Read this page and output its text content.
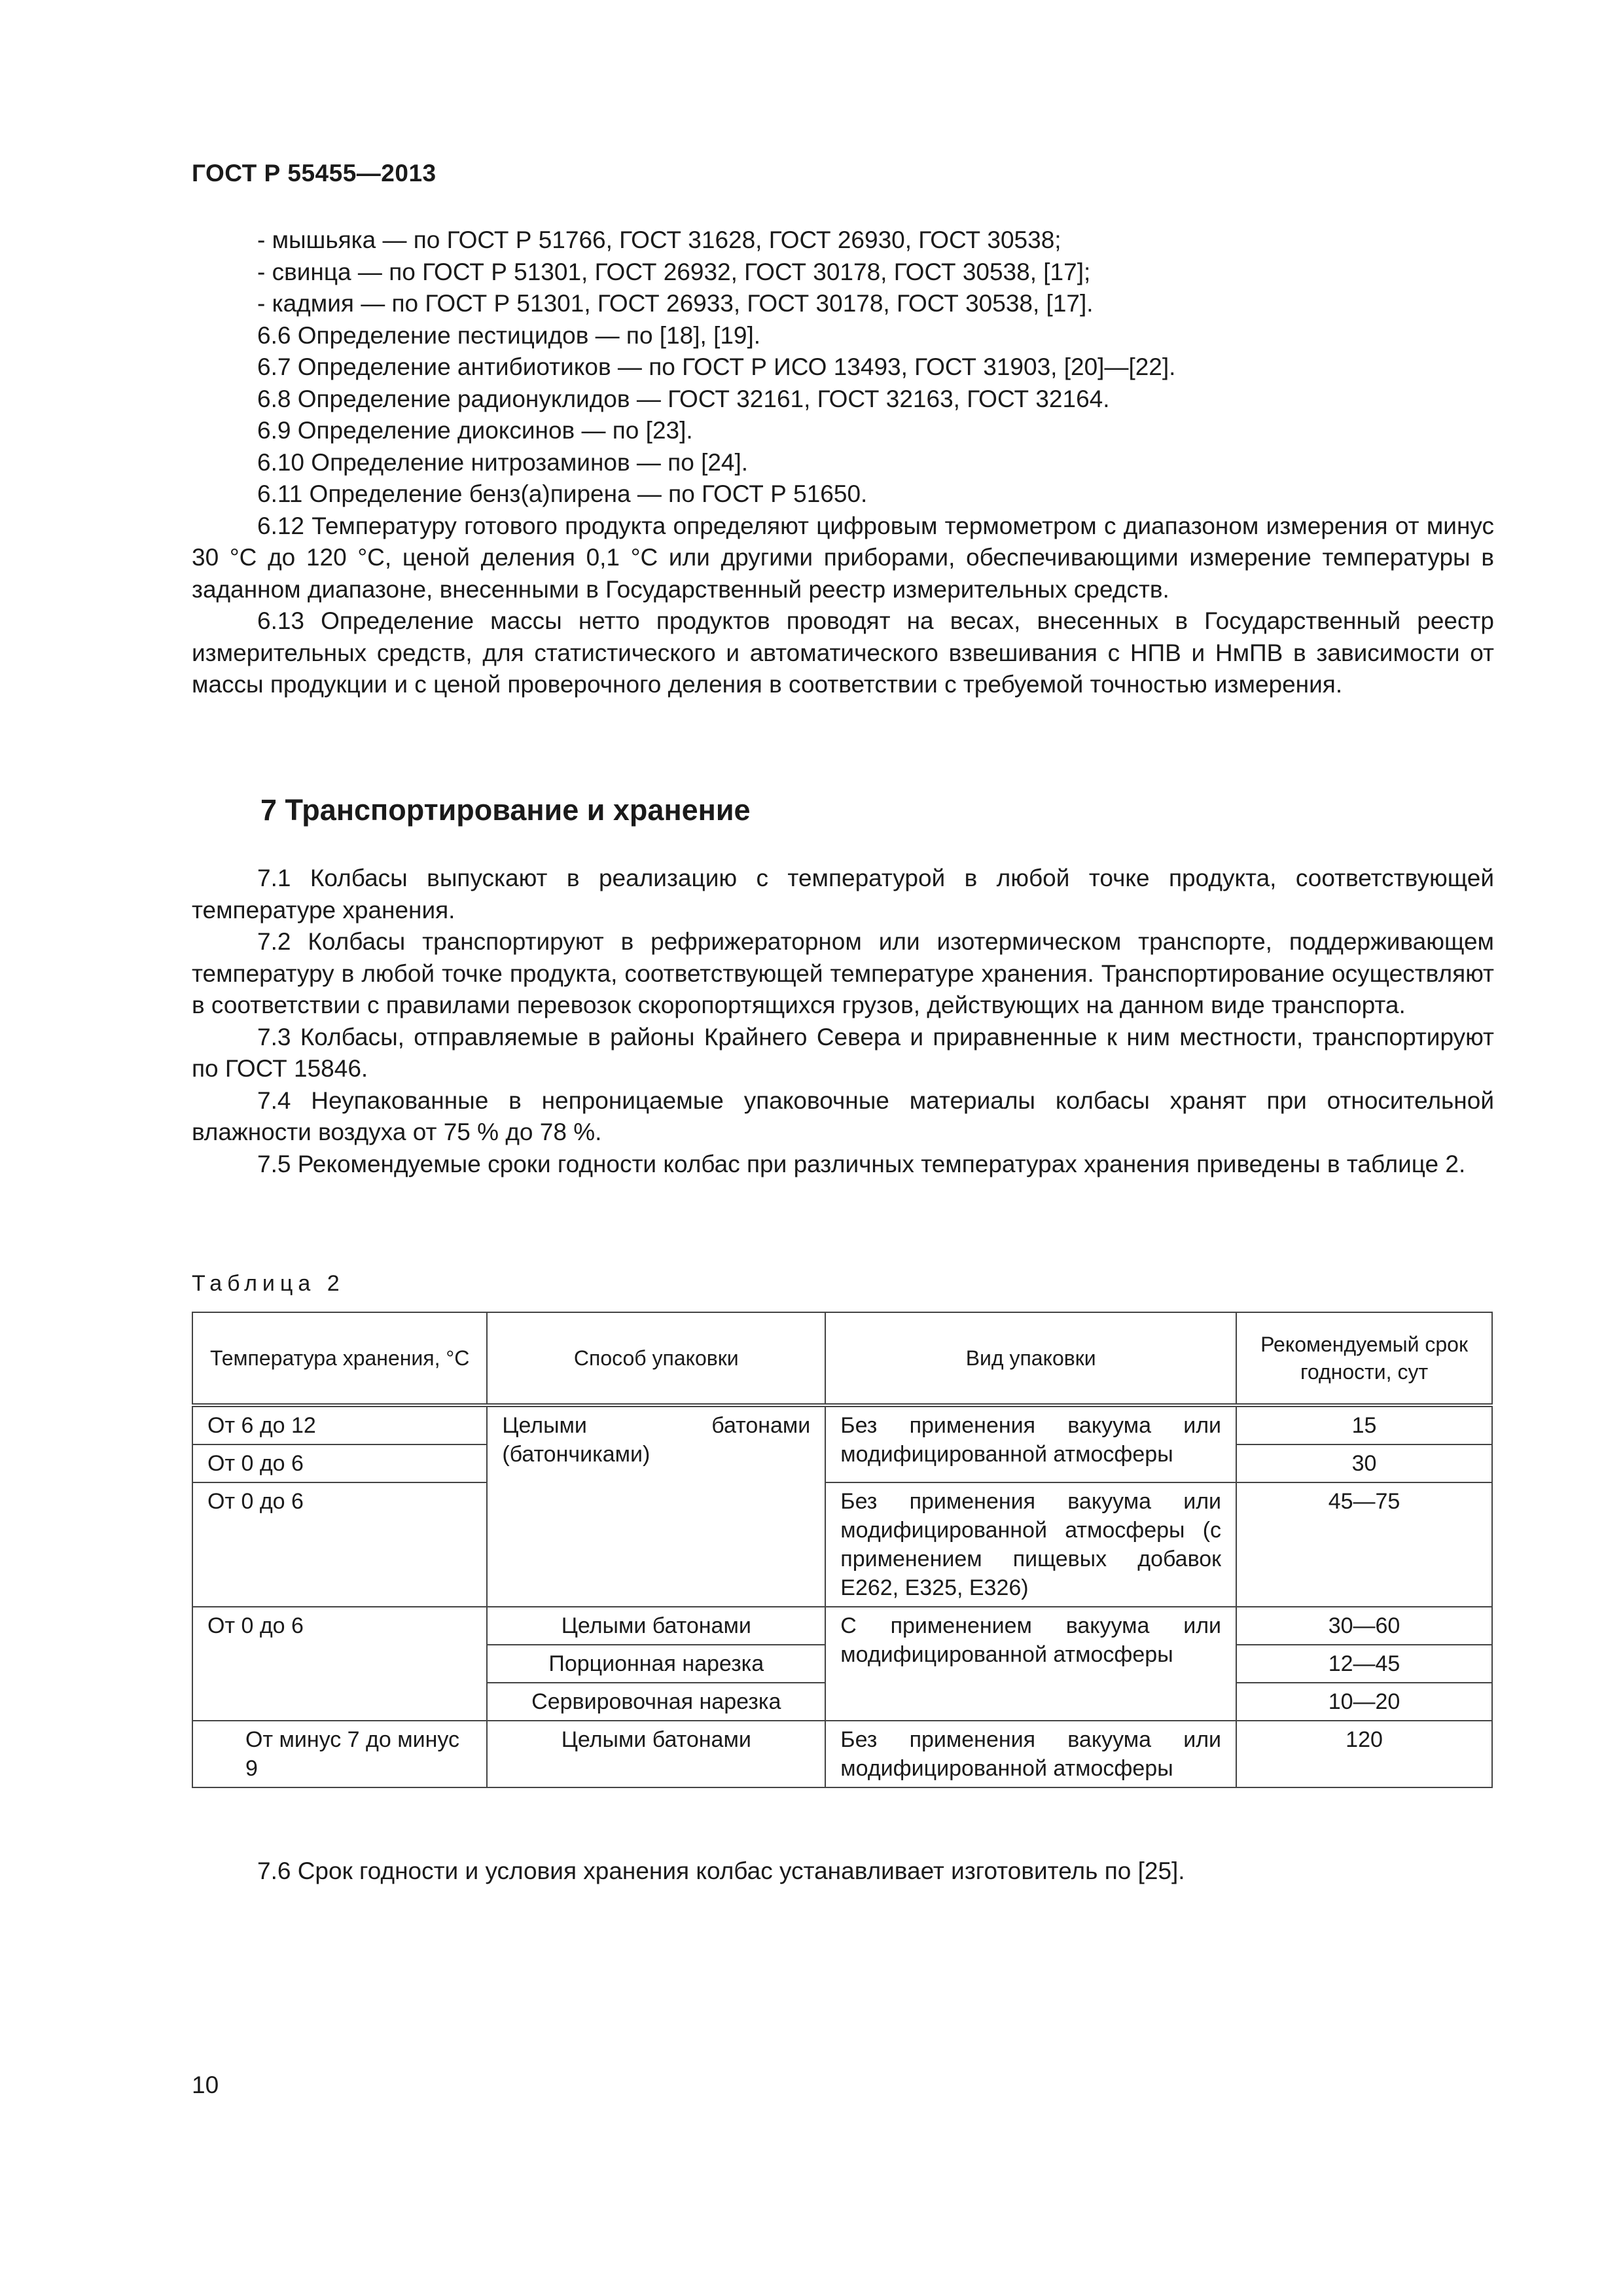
ГОСТ Р 55455—2013
- мышьяка — по ГОСТ Р 51766, ГОСТ 31628, ГОСТ 26930, ГОСТ 30538;
- свинца — по ГОСТ Р 51301, ГОСТ 26932, ГОСТ 30178, ГОСТ 30538, [17];
- кадмия — по ГОСТ Р 51301, ГОСТ 26933, ГОСТ 30178, ГОСТ 30538, [17].
6.6 Определение пестицидов — по [18], [19].
6.7 Определение антибиотиков — по ГОСТ Р ИСО 13493, ГОСТ 31903, [20]—[22].
6.8 Определение радионуклидов — ГОСТ 32161, ГОСТ 32163, ГОСТ 32164.
6.9 Определение диоксинов — по [23].
6.10 Определение нитрозаминов — по [24].
6.11 Определение бенз(а)пирена — по ГОСТ Р 51650.
6.12 Температуру готового продукта определяют цифровым термометром с диапазоном измерения от минус 30 °С до 120 °С, ценой деления 0,1 °С или другими приборами, обеспечивающими измерение температуры в заданном диапазоне, внесенными в Государственный реестр измерительных средств.
6.13 Определение массы нетто продуктов проводят на весах, внесенных в Государственный реестр измерительных средств, для статистического и автоматического взвешивания с НПВ и НмПВ в зависимости от массы продукции и с ценой проверочного деления в соответствии с требуемой точностью измерения.
7 Транспортирование и хранение
7.1 Колбасы выпускают в реализацию с температурой в любой точке продукта, соответствующей температуре хранения.
7.2 Колбасы транспортируют в рефрижераторном или изотермическом транспорте, поддерживающем температуру в любой точке продукта, соответствующей температуре хранения. Транспортирование осуществляют в соответствии с правилами перевозок скоропортящихся грузов, действующих на данном виде транспорта.
7.3 Колбасы, отправляемые в районы Крайнего Севера и приравненные к ним местности, транспортируют по ГОСТ 15846.
7.4 Неупакованные в непроницаемые упаковочные материалы колбасы хранят при относительной влажности воздуха от 75 % до 78 %.
7.5 Рекомендуемые сроки годности колбас при различных температурах хранения приведены в таблице 2.
Таблица 2
Температура хранения, °С	Способ упаковки	Вид упаковки	Рекомендуемый срок годности, сут
От 6 до 12	Целыми батонами (батончиками)	Без применения вакуума или модифицированной атмосферы	15
От 0 до 6			30
От 0 до 6		Без применения вакуума или модифицированной атмосферы (с применением пищевых добавок Е262, Е325, Е326)	45—75
От 0 до 6	Целыми батонами	С применением вакуума или модифицированной атмосферы	30—60
	Порционная нарезка		12—45
	Сервировочная нарезка		10—20
От минус 7 до минус 9	Целыми батонами	Без применения вакуума или модифицированной атмосферы	120
7.6 Срок годности и условия хранения колбас устанавливает изготовитель по [25].
10
